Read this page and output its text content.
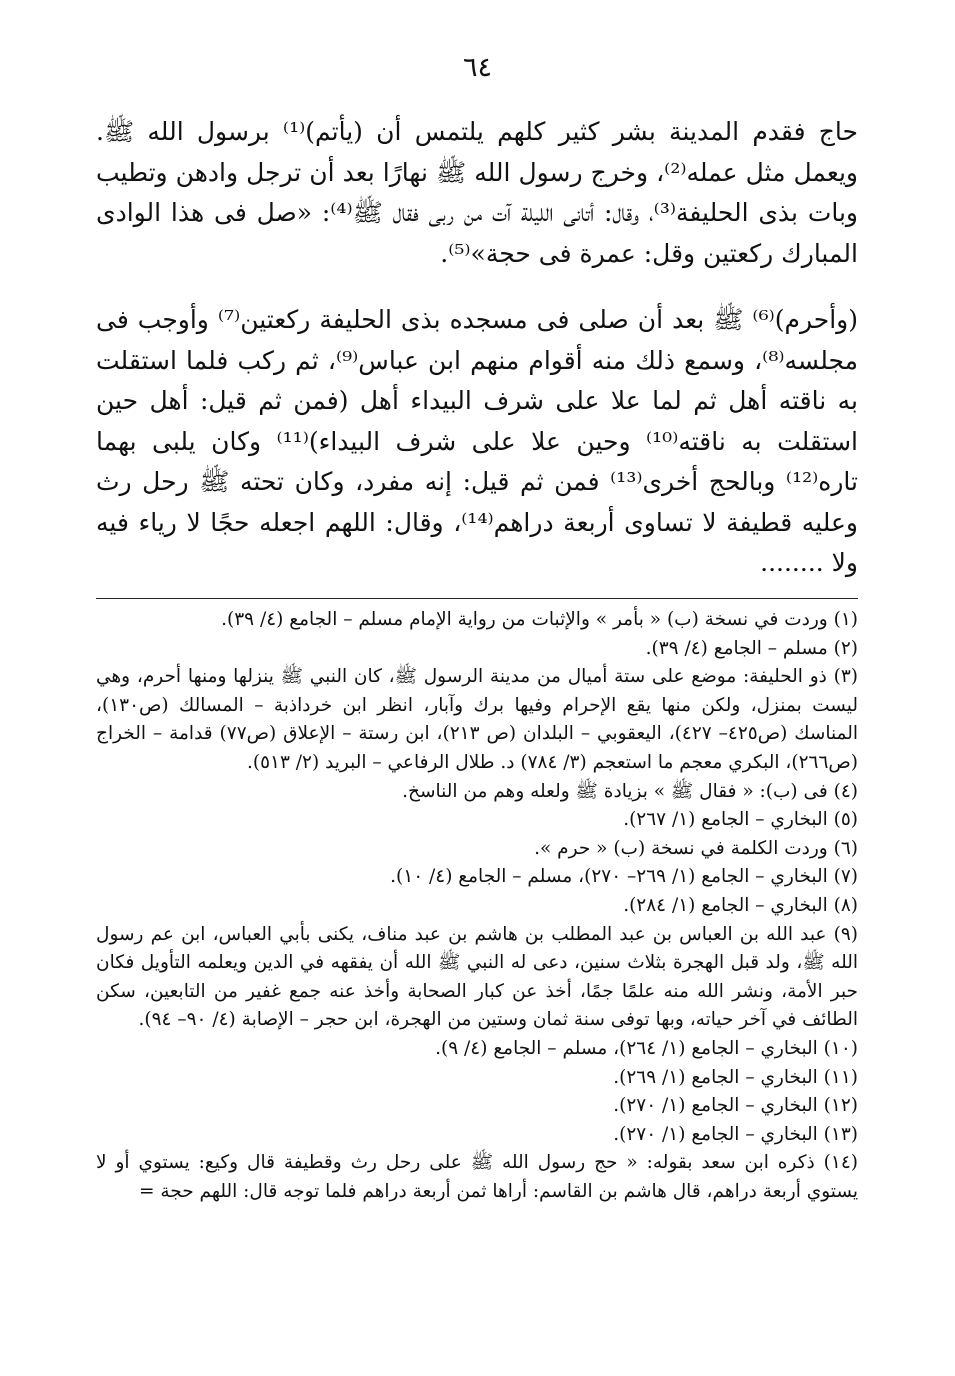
٦٤

حاج فقدم المدينة بشر كثير كلهم يلتمس أن (يأتم)⁽¹⁾ برسول الله ﷺ. ويعمل مثل عمله⁽²⁾، وخرج رسول الله ﷺ نهارًا بعد أن ترجل وادهن وتطيب وبات بذى الحليفة⁽³⁾، وقال: أتانى الليلة آت من ربى فقال ﷺ⁽⁴⁾: «صل فى هذا الوادى المبارك ركعتين وقل: عمرة فى حجة»⁽⁵⁾.

(وأحرم)⁽⁶⁾ ﷺ بعد أن صلى فى مسجده بذى الحليفة ركعتين⁽⁷⁾ وأوجب فى مجلسه⁽⁸⁾، وسمع ذلك منه أقوام منهم ابن عباس⁽⁹⁾، ثم ركب فلما استقلت به ناقته أهل ثم لما علا على شرف البيداء أهل (فمن ثم قيل: أهل حين استقلت به ناقته⁽¹⁰⁾ وحين علا على شرف البيداء)⁽¹¹⁾ وكان يلبى بهما تاره⁽¹²⁾ وبالحج أخرى⁽¹³⁾ فمن ثم قيل: إنه مفرد، وكان تحته ﷺ رحل رث وعليه قطيفة لا تساوى أربعة دراهم⁽¹⁴⁾، وقال: اللهم اجعله حجًا لا رياء فيه ولا ........

(١) وردت في نسخة (ب) « بأمر » والإثبات من رواية الإمام مسلم – الجامع (٤/ ٣٩).

(٢) مسلم – الجامع (٤/ ٣٩).

(٣) ذو الحليفة: موضع على ستة أميال من مدينة الرسول ﷺ، كان النبي ﷺ ينزلها ومنها أحرم، وهي ليست بمنزل، ولكن منها يقع الإحرام وفيها برك وآبار، انظر ابن خرداذبة – المسالك (ص١٣٠)، المناسك (ص٤٢٥– ٤٢٧)، اليعقوبي – البلدان (ص ٢١٣)، ابن رستة – الإعلاق (ص٧٧) قدامة – الخراج (ص٢٦٦)، البكري معجم ما استعجم (٣/ ٧٨٤) د. طلال الرفاعي – البريد (٢/ ٥١٣).

(٤) فى (ب): « فقال ﷺ » بزيادة ﷺ ولعله وهم من الناسخ.

(٥) البخاري – الجامع (١/ ٢٦٧).

(٦) وردت الكلمة في نسخة (ب) « حرم ».

(٧) البخاري – الجامع (١/ ٢٦٩– ٢٧٠)، مسلم – الجامع (٤/ ١٠).

(٨) البخاري – الجامع (١/ ٢٨٤).

(٩) عبد الله بن العباس بن عبد المطلب بن هاشم بن عبد مناف، يكنى بأبي العباس، ابن عم رسول الله ﷺ، ولد قبل الهجرة بثلاث سنين، دعى له النبي ﷺ الله أن يفقهه في الدين ويعلمه التأويل فكان حبر الأمة، ونشر الله منه علمًا جمًا، أخذ عن كبار الصحابة وأخذ عنه جمع غفير من التابعين، سكن الطائف في آخر حياته، وبها توفى سنة ثمان وستين من الهجرة، ابن حجر – الإصابة (٤/ ٩٠– ٩٤).

(١٠) البخاري – الجامع (١/ ٢٦٤)، مسلم – الجامع (٤/ ٩).

(١١) البخاري – الجامع (١/ ٢٦٩).

(١٢) البخاري – الجامع (١/ ٢٧٠).

(١٣) البخاري – الجامع (١/ ٢٧٠).

(١٤) ذكره ابن سعد بقوله: « حج رسول الله ﷺ على رحل رث وقطيفة قال وكيع: يستوي أو لا يستوي أربعة دراهم، قال هاشم بن القاسم: أراها ثمن أربعة دراهم فلما توجه قال: اللهم حجة =
